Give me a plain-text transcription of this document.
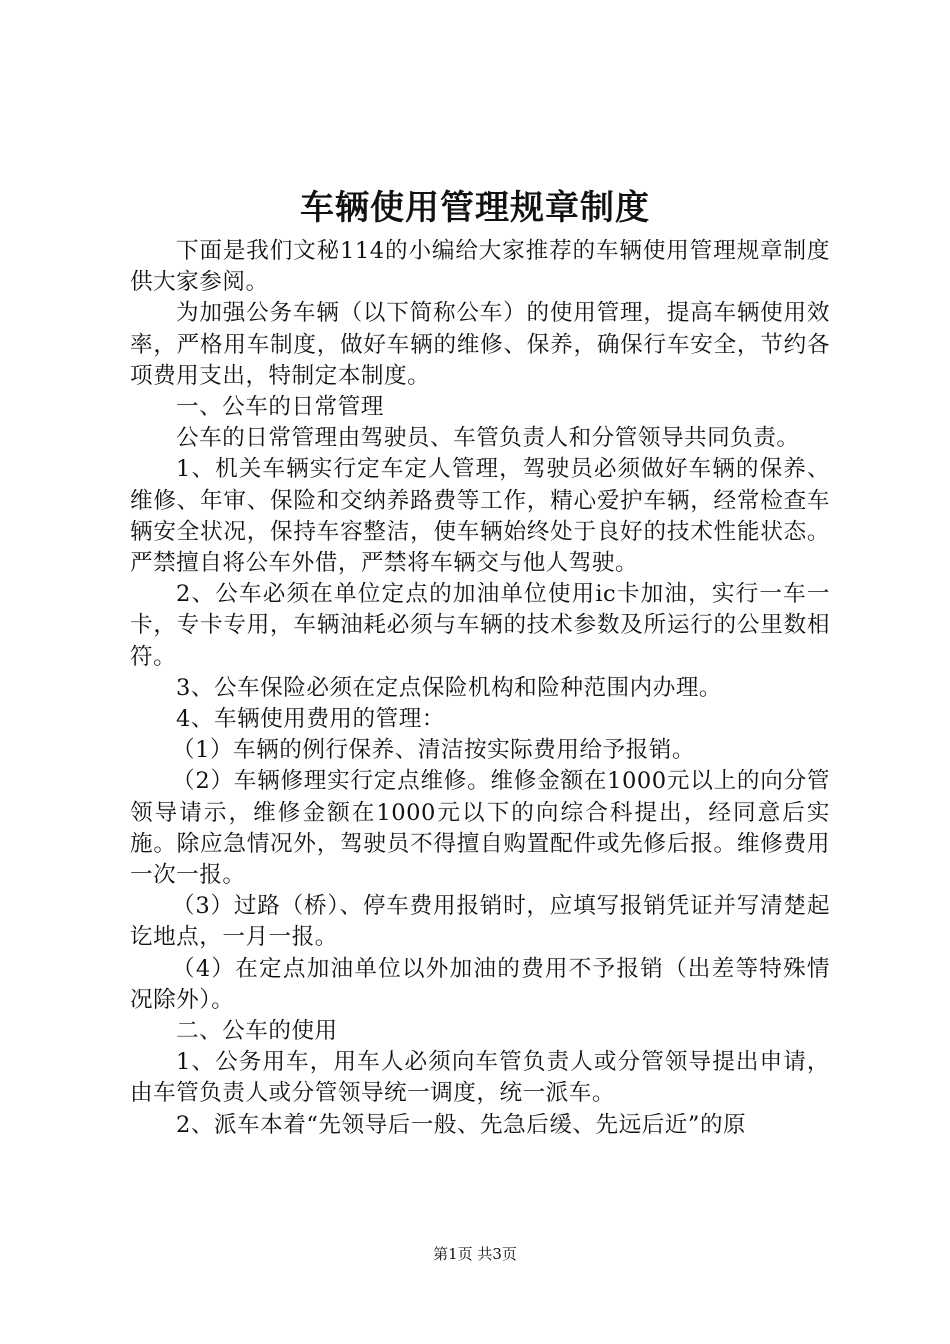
车辆使用管理规章制度

下面是我们文秘114的小编给大家推荐的车辆使用管理规章制度供大家参阅。

为加强公务车辆（以下简称公车）的使用管理，提高车辆使用效率，严格用车制度，做好车辆的维修、保养，确保行车安全，节约各项费用支出，特制定本制度。

一、公车的日常管理

公车的日常管理由驾驶员、车管负责人和分管领导共同负责。

1、机关车辆实行定车定人管理，驾驶员必须做好车辆的保养、维修、年审、保险和交纳养路费等工作，精心爱护车辆，经常检查车辆安全状况，保持车容整洁，使车辆始终处于良好的技术性能状态。严禁擅自将公车外借，严禁将车辆交与他人驾驶。

2、公车必须在单位定点的加油单位使用ic卡加油，实行一车一卡，专卡专用，车辆油耗必须与车辆的技术参数及所运行的公里数相符。

3、公车保险必须在定点保险机构和险种范围内办理。

4、车辆使用费用的管理：

（1）车辆的例行保养、清洁按实际费用给予报销。

（2）车辆修理实行定点维修。维修金额在1000元以上的向分管领导请示，维修金额在1000元以下的向综合科提出，经同意后实施。除应急情况外，驾驶员不得擅自购置配件或先修后报。维修费用一次一报。

（3）过路（桥）、停车费用报销时，应填写报销凭证并写清楚起讫地点，一月一报。

（4）在定点加油单位以外加油的费用不予报销（出差等特殊情况除外）。

二、公车的使用

1、公务用车，用车人必须向车管负责人或分管领导提出申请，由车管负责人或分管领导统一调度，统一派车。

2、派车本着“先领导后一般、先急后缓、先远后近”的原

第1页 共3页
